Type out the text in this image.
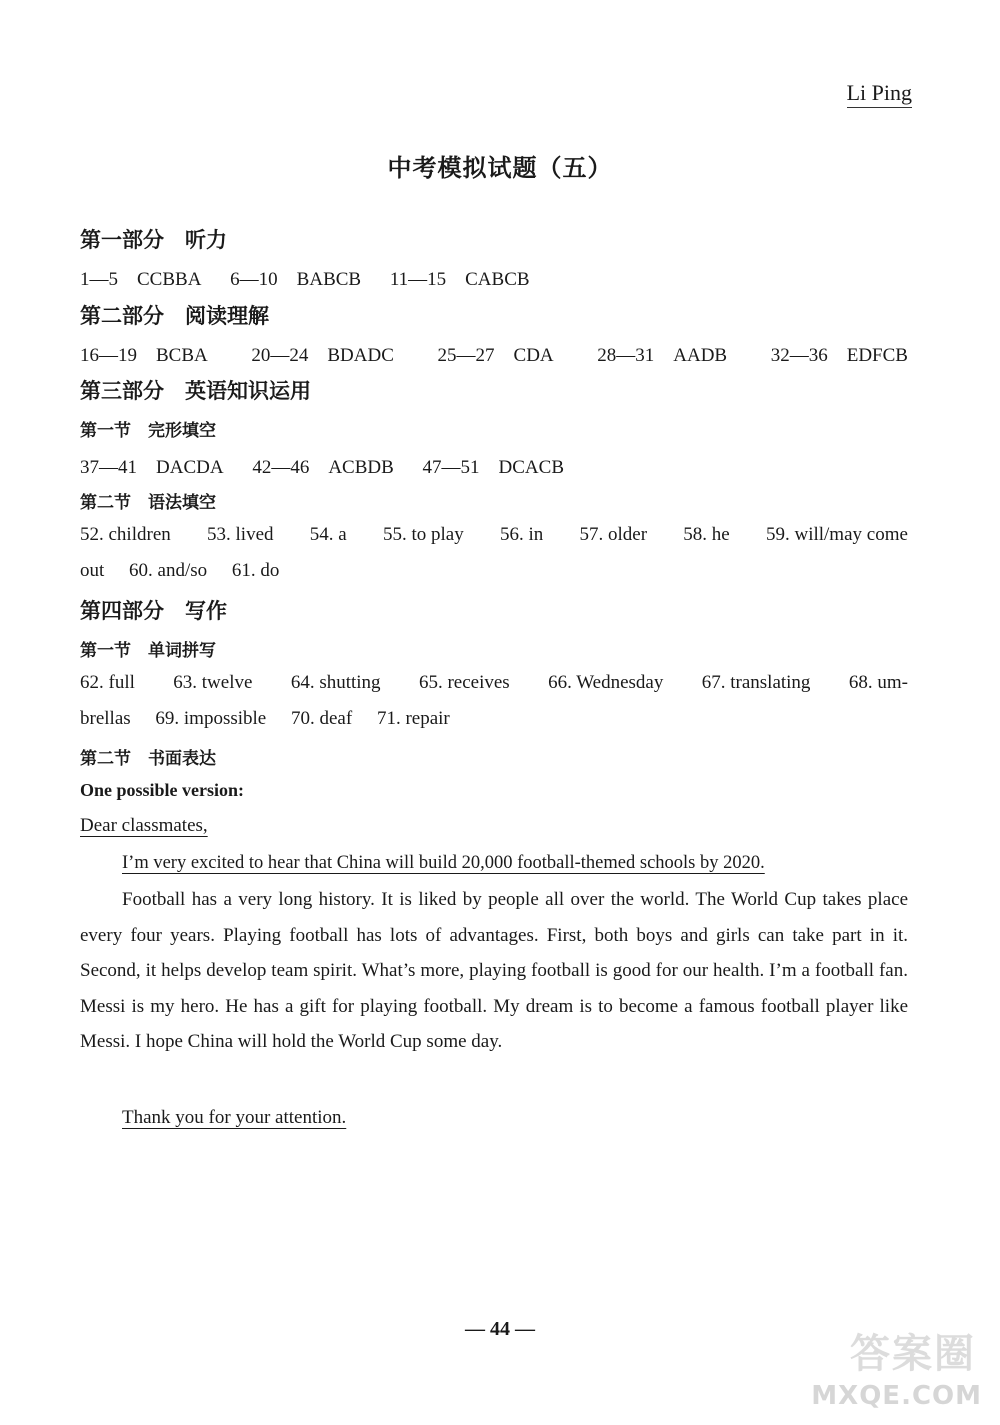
Li Ping
中考模拟试题（五）
第一部分　听力
1—5　CCBBA 6—10　BABCB 11—15　CABCB
第二部分　阅读理解
16—19　BCBA 20—24　BDADC 25—27　CDA 28—31　AADB 32—36　EDFCB
第三部分　英语知识运用
第一节　完形填空
37—41　DACDA 42—46　ACBDB 47—51　DCACB
第二节　语法填空
52. children 53. lived 54. a 55. to play 56. in 57. older 58. he 59. will/may come
out 60. and/so 61. do
第四部分　写作
第一节　单词拼写
62. full 63. twelve 64. shutting 65. receives 66. Wednesday 67. translating 68. um-
brellas 69. impossible 70. deaf 71. repair
第二节　书面表达
One possible version:
Dear classmates,
I’m very excited to hear that China will build 20,000 football-themed schools by 2020.
Football has a very long history. It is liked by people all over the world. The World Cup takes place every four years. Playing football has lots of advantages. First, both boys and girls can take part in it. Second, it helps develop team spirit. What’s more, playing football is good for our health. I’m a football fan. Messi is my hero. He has a gift for playing football. My dream is to become a famous football player like Messi. I hope China will hold the World Cup some day.
Thank you for your attention.
— 44 —
答案圈
MXQE.COM
